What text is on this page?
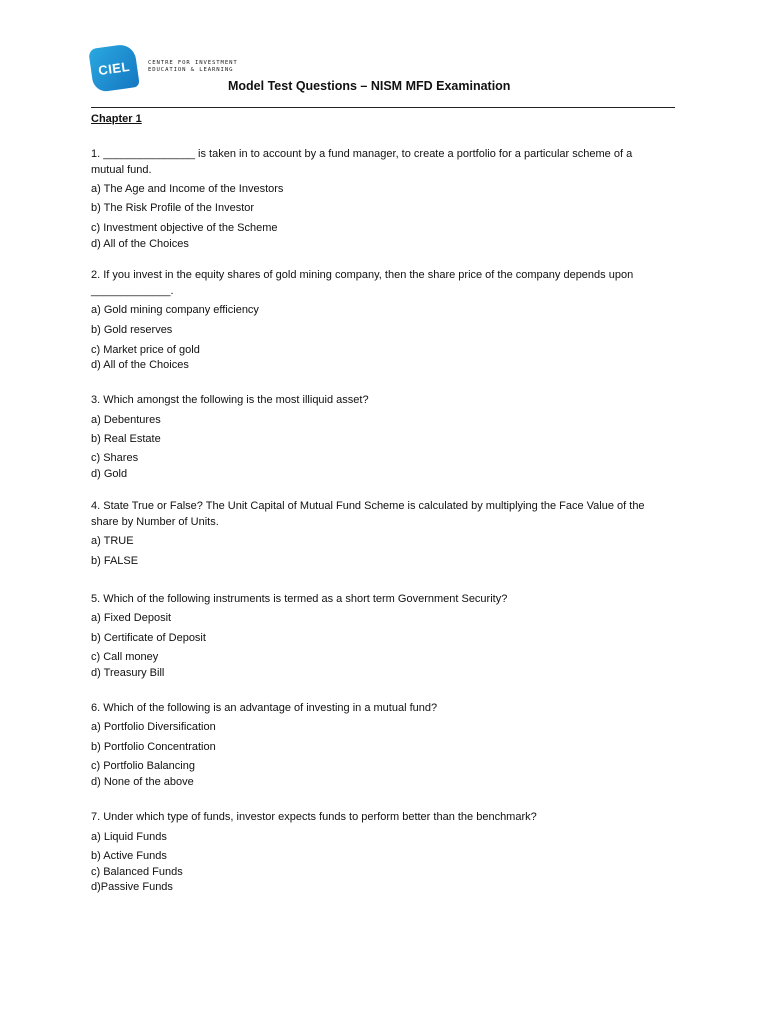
CIEL	CENTRE FOR INVESTMENT
EDUCATION & LEARNING
Model Test Questions – NISM MFD Examination
Chapter 1
1. _______________ is taken in to account by a fund manager, to create a portfolio for a particular scheme of a
mutual fund.
a) The Age and Income of the Investors
b) The Risk Profile of the Investor
c) Investment objective of the Scheme
d) All of the Choices
2. If you invest in the equity shares of gold mining company, then the share price of the company depends upon
_____________.
a) Gold mining company efficiency
b) Gold reserves
c) Market price of gold
d) All of the Choices
3. Which amongst the following is the most illiquid asset?
a) Debentures
b) Real Estate
c) Shares
d) Gold
4. State True or False? The Unit Capital of Mutual Fund Scheme is calculated by multiplying the Face Value of the
share by Number of Units.
a) TRUE
b) FALSE
5. Which of the following instruments is termed as a short term Government Security?
a) Fixed Deposit
b) Certificate of Deposit
c) Call money
d) Treasury Bill
6. Which of the following is an advantage of investing in a mutual fund?
a) Portfolio Diversification
b) Portfolio Concentration
c) Portfolio Balancing
d) None of the above
7. Under which type of funds, investor expects funds to perform better than the benchmark?
a) Liquid Funds
b) Active Funds
c) Balanced Funds
d)Passive Funds
